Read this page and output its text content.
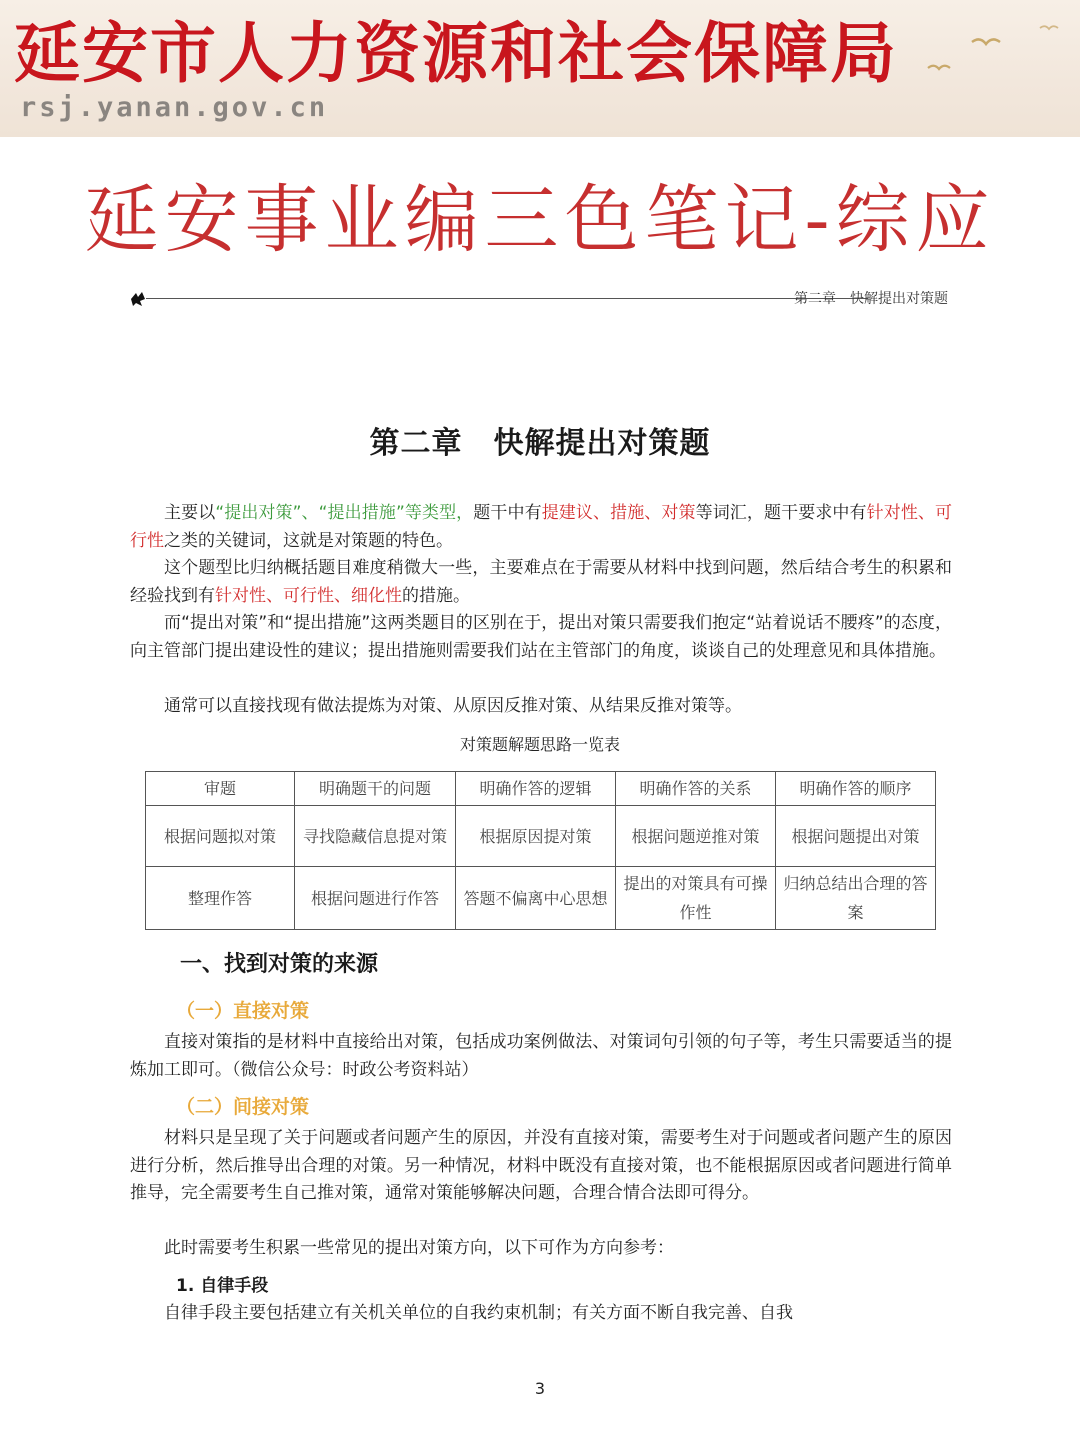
延安市人力资源和社会保障局
rsj.yanan.gov.cn
延安事业编三色笔记-综应
第二章　快解提出对策题
第二章　快解提出对策题

主要以“提出对策”、“提出措施”等类型，题干中有提建议、措施、对策等词汇，题干要求中有针对性、可行性之类的关键词，这就是对策题的特色。

这个题型比归纳概括题目难度稍微大一些，主要难点在于需要从材料中找到问题，然后结合考生的积累和经验找到有针对性、可行性、细化性的措施。

而“提出对策”和“提出措施”这两类题目的区别在于，提出对策只需要我们抱定“站着说话不腰疼”的态度，向主管部门提出建设性的建议；提出措施则需要我们站在主管部门的角度，谈谈自己的处理意见和具体措施。

通常可以直接找现有做法提炼为对策、从原因反推对策、从结果反推对策等。

对策题解题思路一览表
审题	明确题干的问题	明确作答的逻辑	明确作答的关系	明确作答的顺序
根据问题拟对策	寻找隐藏信息提对策	根据原因提对策	根据问题逆推对策	根据问题提出对策
整理作答	根据问题进行作答	答题不偏离中心思想	提出的对策具有可操作性	归纳总结出合理的答案
一、找到对策的来源
（一）直接对策

直接对策指的是材料中直接给出对策，包括成功案例做法、对策词句引领的句子等，考生只需要适当的提炼加工即可。（微信公众号：时政公考资料站）

（二）间接对策

材料只是呈现了关于问题或者问题产生的原因，并没有直接对策，需要考生对于问题或者问题产生的原因进行分析，然后推导出合理的对策。另一种情况，材料中既没有直接对策，也不能根据原因或者问题进行简单推导，完全需要考生自己推对策，通常对策能够解决问题，合理合情合法即可得分。

此时需要考生积累一些常见的提出对策方向，以下可作为方向参考：

1. 自律手段

自律手段主要包括建立有关机关单位的自我约束机制；有关方面不断自我完善、自我

3
